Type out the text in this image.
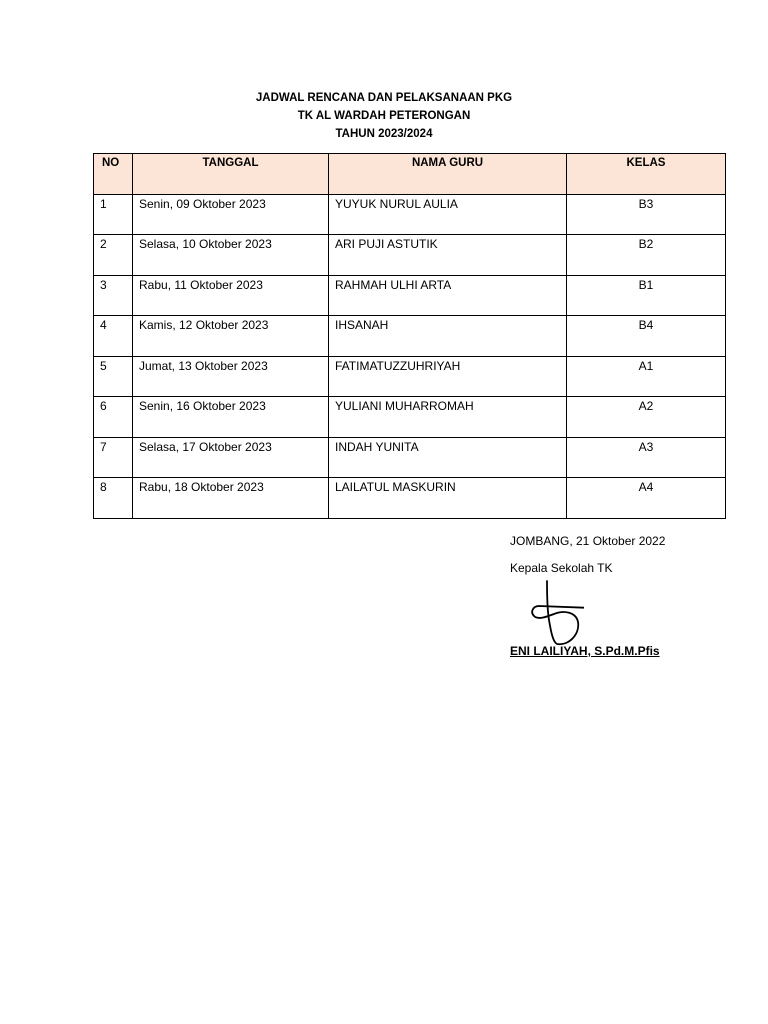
JADWAL RENCANA DAN PELAKSANAAN PKG
TK AL WARDAH PETERONGAN
TAHUN 2023/2024
NO	TANGGAL	NAMA GURU	KELAS
1	Senin, 09 Oktober 2023	YUYUK NURUL AULIA	B3
2	Selasa, 10 Oktober 2023	ARI PUJI ASTUTIK	B2
3	Rabu, 11 Oktober 2023	RAHMAH ULHI ARTA	B1
4	Kamis, 12 Oktober 2023	IHSANAH	B4
5	Jumat, 13 Oktober 2023	FATIMATUZZUHRIYAH	A1
6	Senin, 16 Oktober 2023	YULIANI MUHARROMAH	A2
7	Selasa, 17 Oktober 2023	INDAH YUNITA	A3
8	Rabu, 18 Oktober 2023	LAILATUL MASKURIN	A4
JOMBANG, 21 Oktober 2022
Kepala Sekolah TK
ENI LAILIYAH, S.Pd.M.Pfis
